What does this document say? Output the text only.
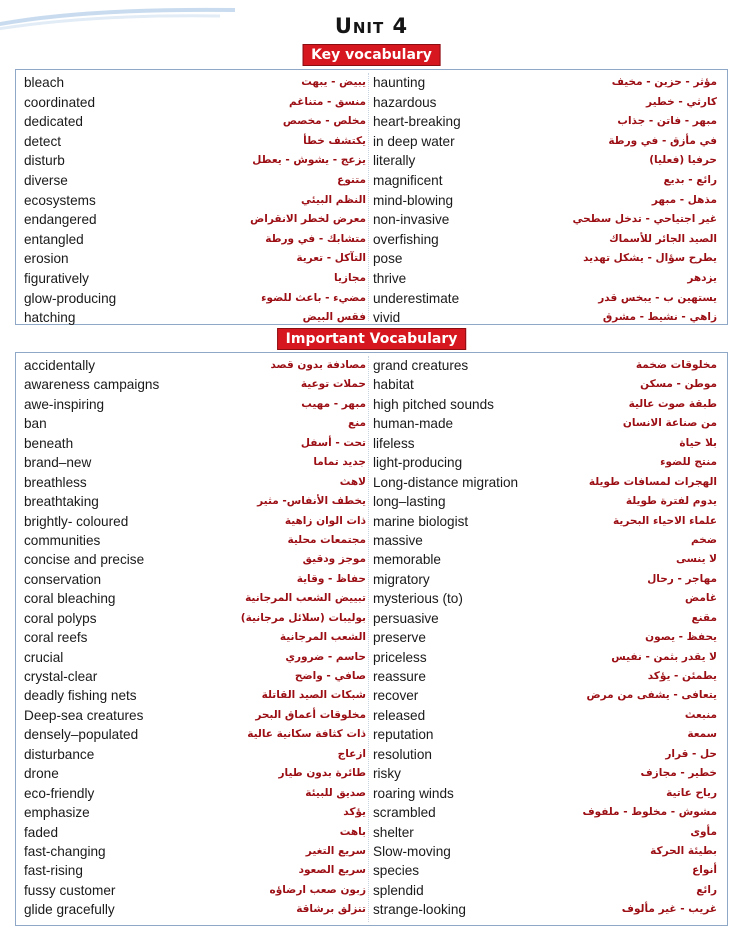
Unit 4
Key vocabulary
bleach	يبيض - يبهت
coordinated	منسق - متناغم
dedicated	مخلص - مخصص
detect	يكتشف خطأ
disturb	يزعج - يشوش - يعطل
diverse	متنوع
ecosystems	النظم البيئي
endangered	معرض لخطر الانقراض
entangled	متشابك - في ورطة
erosion	التآكل - تعرية
figuratively	مجازيا
glow-producing	مضيء - باعث للضوء
hatching	فقس البيض
haunting	مؤثر - حزين - مخيف
hazardous	كارثي - خطير
heart-breaking	مبهر - فاتن - جذاب
in deep water	في مأزق - في ورطة
literally	حرفيا (فعليا)
magnificent	رائع - بديع
mind-blowing	مذهل - مبهر
non-invasive	غير اجتياحي - تدخل سطحي
overfishing	الصيد الجائر للأسماك
pose	يطرح سؤال - يشكل تهديد
thrive	يزدهر
underestimate	يستهين ب - يبخس قدر
vivid	زاهي - نشيط - مشرق
Important Vocabulary
accidentally	مصادفة بدون قصد
awareness campaigns	حملات توعية
awe-inspiring	مبهر - مهيب
ban	منع
beneath	تحت - أسفل
brand–new	جديد تماما
breathless	لاهث
breathtaking	يخطف الأنفاس- مثير
brightly- coloured	ذات الوان زاهية
communities	مجتمعات محلية
concise and precise	موجز ودقيق
conservation	حفاظ - وقاية
coral bleaching	تبييض الشعب المرجانية
coral polyps	بوليبات (سلائل مرجانية)
coral reefs	الشعب المرجانية
crucial	حاسم - ضروري
crystal-clear	صافي - واضح
deadly fishing nets	شبكات الصيد القاتلة
Deep-sea creatures	مخلوقات أعماق البحر
densely–populated	ذات كثافة سكانية عالية
disturbance	ازعاج
drone	طائرة بدون طيار
eco-friendly	صديق للبيئة
emphasize	يؤكد
faded	باهت
fast-changing	سريع التغير
fast-rising	سريع الصعود
fussy customer	زبون صعب ارضاؤه
glide gracefully	تنزلق برشاقة
grand creatures	مخلوقات ضخمة
habitat	موطن - مسكن
high pitched sounds	طبقة صوت عالية
human-made	من صناعة الانسان
lifeless	بلا حياة
light-producing	منتج للضوء
Long-distance migration	الهجرات لمسافات طويلة
long–lasting	يدوم لفترة طويلة
marine biologist	علماء الاحياء البحرية
massive	ضخم
memorable	لا ينسى
migratory	مهاجر - رحال
mysterious (to)	غامض
persuasive	مقنع
preserve	يحفظ - يصون
priceless	لا يقدر بثمن - نفيس
reassure	يطمئن - يؤكد
recover	يتعافى - يشفى من مرض
released	منبعث
reputation	سمعة
resolution	حل - قرار
risky	خطير - مجازف
roaring winds	رياح عاتية
scrambled	مشوش - مخلوط - ملفوف
shelter	مأوى
Slow-moving	بطيئة الحركة
species	أنواع
splendid	رائع
strange-looking	غريب - غير مألوف
